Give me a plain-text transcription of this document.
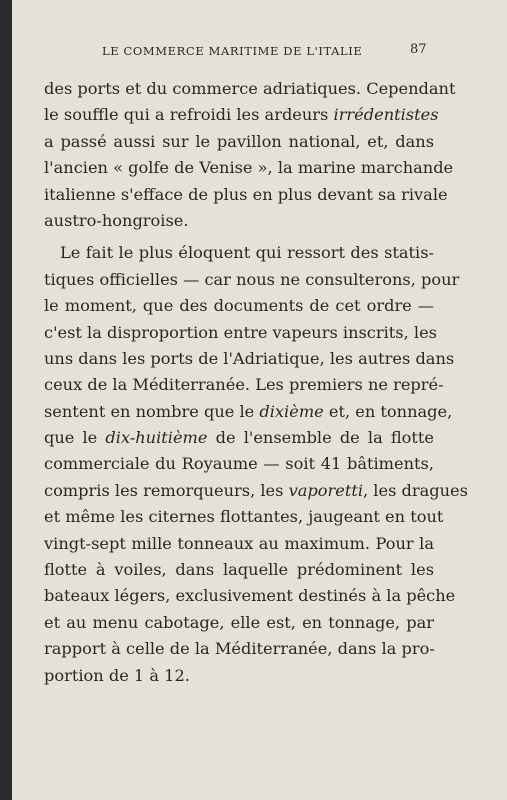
LE COMMERCE MARITIME DE L'ITALIE	87
des ports et du commerce adriatiques. Cependant
le souffle qui a refroidi les ardeurs irrédentistes
a passé aussi sur le pavillon national, et, dans
l'ancien « golfe de Venise », la marine marchande
italienne s'efface de plus en plus devant sa rivale
austro-hongroise.
Le fait le plus éloquent qui ressort des statis-
tiques officielles — car nous ne consulterons, pour
le moment, que des documents de cet ordre —
c'est la disproportion entre vapeurs inscrits, les
uns dans les ports de l'Adriatique, les autres dans
ceux de la Méditerranée. Les premiers ne repré-
sentent en nombre que le dixième et, en tonnage,
que le dix-huitième de l'ensemble de la flotte
commerciale du Royaume — soit 41 bâtiments,
compris les remorqueurs, les vaporetti, les dragues
et même les citernes flottantes, jaugeant en tout
vingt-sept mille tonneaux au maximum. Pour la
flotte à voiles, dans laquelle prédominent les
bateaux légers, exclusivement destinés à la pêche
et au menu cabotage, elle est, en tonnage, par
rapport à celle de la Méditerranée, dans la pro-
portion de 1 à 12.
